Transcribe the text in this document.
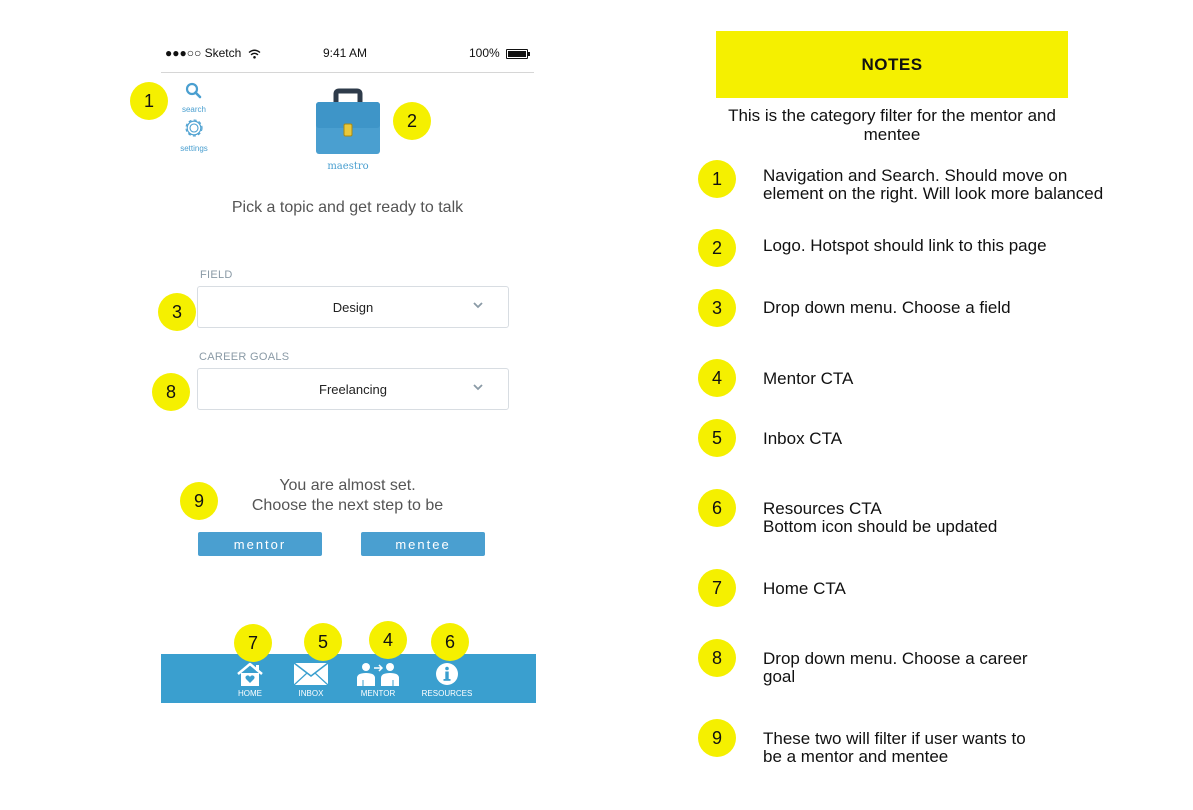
●●●○○ Sketch	9:41 AM	100%
search
settings
maestro
Pick a topic and get ready to talk
FIELD
Design
CAREER GOALS
Freelancing
You are almost set.
Choose the next step to be
mentor	mentee
HOME	INBOX	MENTOR	RESOURCES
1
2
3
8
9
7	5	4	6
NOTES
This is the category filter for the mentor and mentee
1	Navigation and Search. Should move on
element on the right. Will look more balanced
2	Logo. Hotspot should link to this page
3	Drop down menu. Choose a field
4	Mentor CTA
5	Inbox CTA
6	Resources CTA
Bottom icon should be updated
7	Home CTA
8	Drop down menu. Choose a career
goal
9	These two will filter if user wants to
be a mentor and mentee
